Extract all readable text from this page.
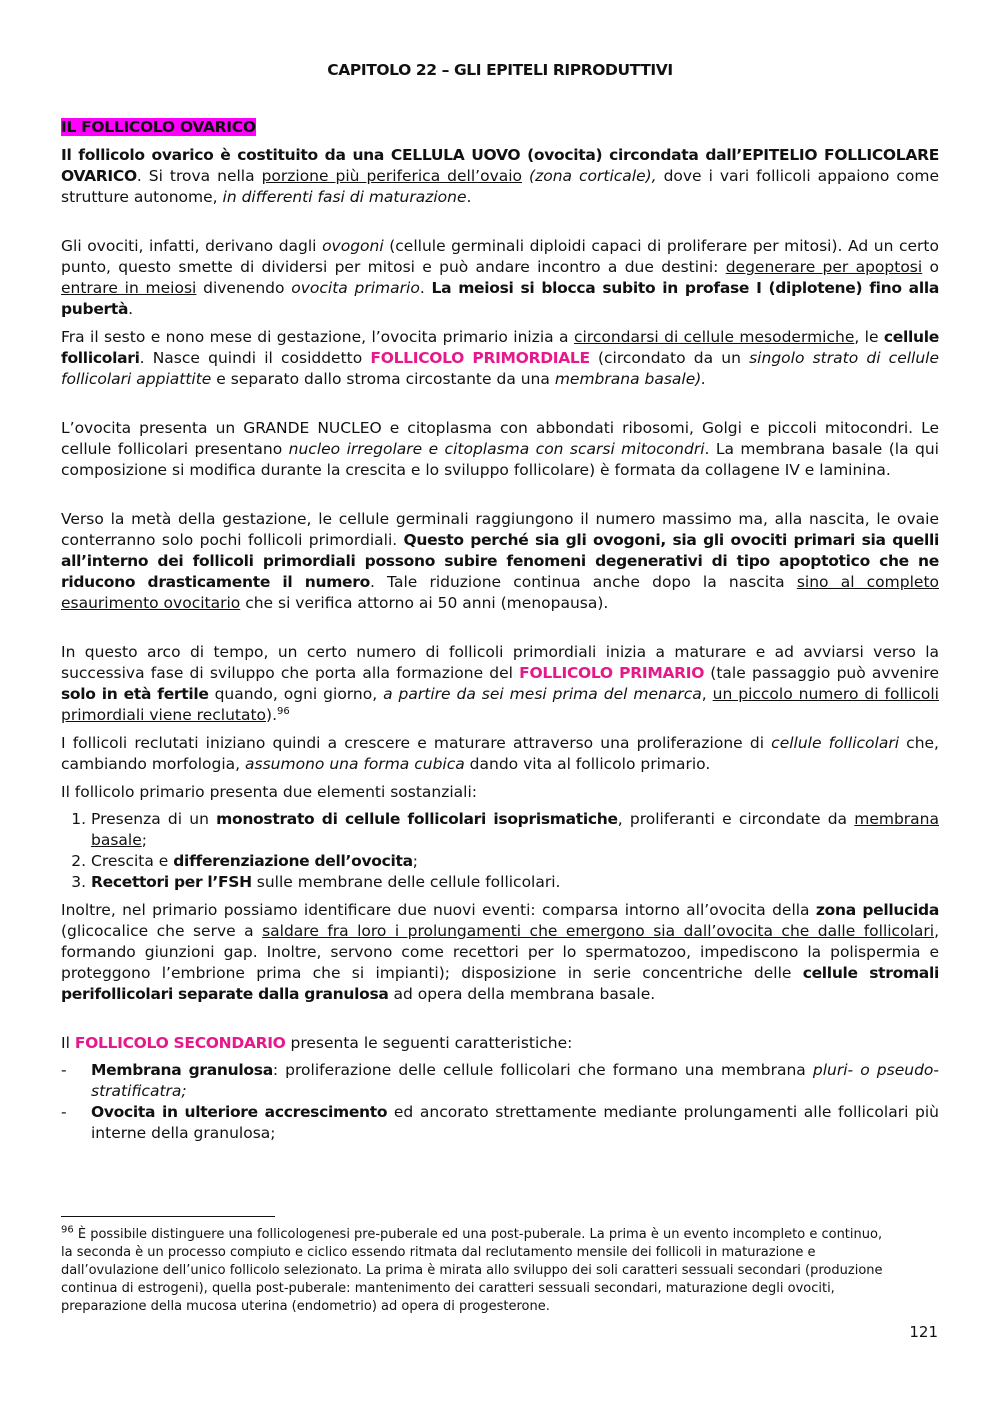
CAPITOLO 22 – GLI EPITELI RIPRODUTTIVI

IL FOLLICOLO OVARICO

Il follicolo ovarico è costituito da una CELLULA UOVO (ovocita) circondata dall’EPITELIO FOLLICOLARE OVARICO. Si trova nella porzione più periferica dell’ovaio (zona corticale), dove i vari follicoli appaiono come strutture autonome, in differenti fasi di maturazione.

Gli ovociti, infatti, derivano dagli ovogoni (cellule germinali diploidi capaci di proliferare per mitosi). Ad un certo punto, questo smette di dividersi per mitosi e può andare incontro a due destini: degenerare per apoptosi o entrare in meiosi divenendo ovocita primario. La meiosi si blocca subito in profase I (diplotene) fino alla pubertà.

Fra il sesto e nono mese di gestazione, l’ovocita primario inizia a circondarsi di cellule mesodermiche, le cellule follicolari. Nasce quindi il cosiddetto FOLLICOLO PRIMORDIALE (circondato da un singolo strato di cellule follicolari appiattite e separato dallo stroma circostante da una membrana basale).

L’ovocita presenta un GRANDE NUCLEO e citoplasma con abbondati ribosomi, Golgi e piccoli mitocondri. Le cellule follicolari presentano nucleo irregolare e citoplasma con scarsi mitocondri. La membrana basale (la qui composizione si modifica durante la crescita e lo sviluppo follicolare) è formata da collagene IV e laminina.

Verso la metà della gestazione, le cellule germinali raggiungono il numero massimo ma, alla nascita, le ovaie conterranno solo pochi follicoli primordiali. Questo perché sia gli ovogoni, sia gli ovociti primari sia quelli all’interno dei follicoli primordiali possono subire fenomeni degenerativi di tipo apoptotico che ne riducono drasticamente il numero. Tale riduzione continua anche dopo la nascita sino al completo esaurimento ovocitario che si verifica attorno ai 50 anni (menopausa).

In questo arco di tempo, un certo numero di follicoli primordiali inizia a maturare e ad avviarsi verso la successiva fase di sviluppo che porta alla formazione del FOLLICOLO PRIMARIO (tale passaggio può avvenire solo in età fertile quando, ogni giorno, a partire da sei mesi prima del menarca, un piccolo numero di follicoli primordiali viene reclutato).$^{96}$

I follicoli reclutati iniziano quindi a crescere e maturare attraverso una proliferazione di cellule follicolari che, cambiando morfologia, assumono una forma cubica dando vita al follicolo primario.

Il follicolo primario presenta due elementi sostanziali:

1. Presenza di un monostrato di cellule follicolari isoprismatiche, proliferanti e circondate da membrana basale;
2. Crescita e differenziazione dell’ovocita;
3. Recettori per l’FSH sulle membrane delle cellule follicolari.

Inoltre, nel primario possiamo identificare due nuovi eventi: comparsa intorno all’ovocita della zona pellucida (glicocalice che serve a saldare fra loro i prolungamenti che emergono sia dall’ovocita che dalle follicolari, formando giunzioni gap. Inoltre, servono come recettori per lo spermatozoo, impediscono la polispermia e proteggono l’embrione prima che si impianti); disposizione in serie concentriche delle cellule stromali perifollicolari separate dalla granulosa ad opera della membrana basale.

Il FOLLICOLO SECONDARIO presenta le seguenti caratteristiche:

- Membrana granulosa: proliferazione delle cellule follicolari che formano una membrana pluri- o pseudo-stratificatra;
- Ovocita in ulteriore accrescimento ed ancorato strettamente mediante prolungamenti alle follicolari più interne della granulosa;
$^{96}$ È possibile distinguere una follicologenesi pre-puberale ed una post-puberale. La prima è un evento incompleto e continuo, la seconda è un processo compiuto e ciclico essendo ritmata dal reclutamento mensile dei follicoli in maturazione e dall’ovulazione dell’unico follicolo selezionato. La prima è mirata allo sviluppo dei soli caratteri sessuali secondari (produzione continua di estrogeni), quella post-puberale: mantenimento dei caratteri sessuali secondari, maturazione degli ovociti, preparazione della mucosa uterina (endometrio) ad opera di progesterone.
121
